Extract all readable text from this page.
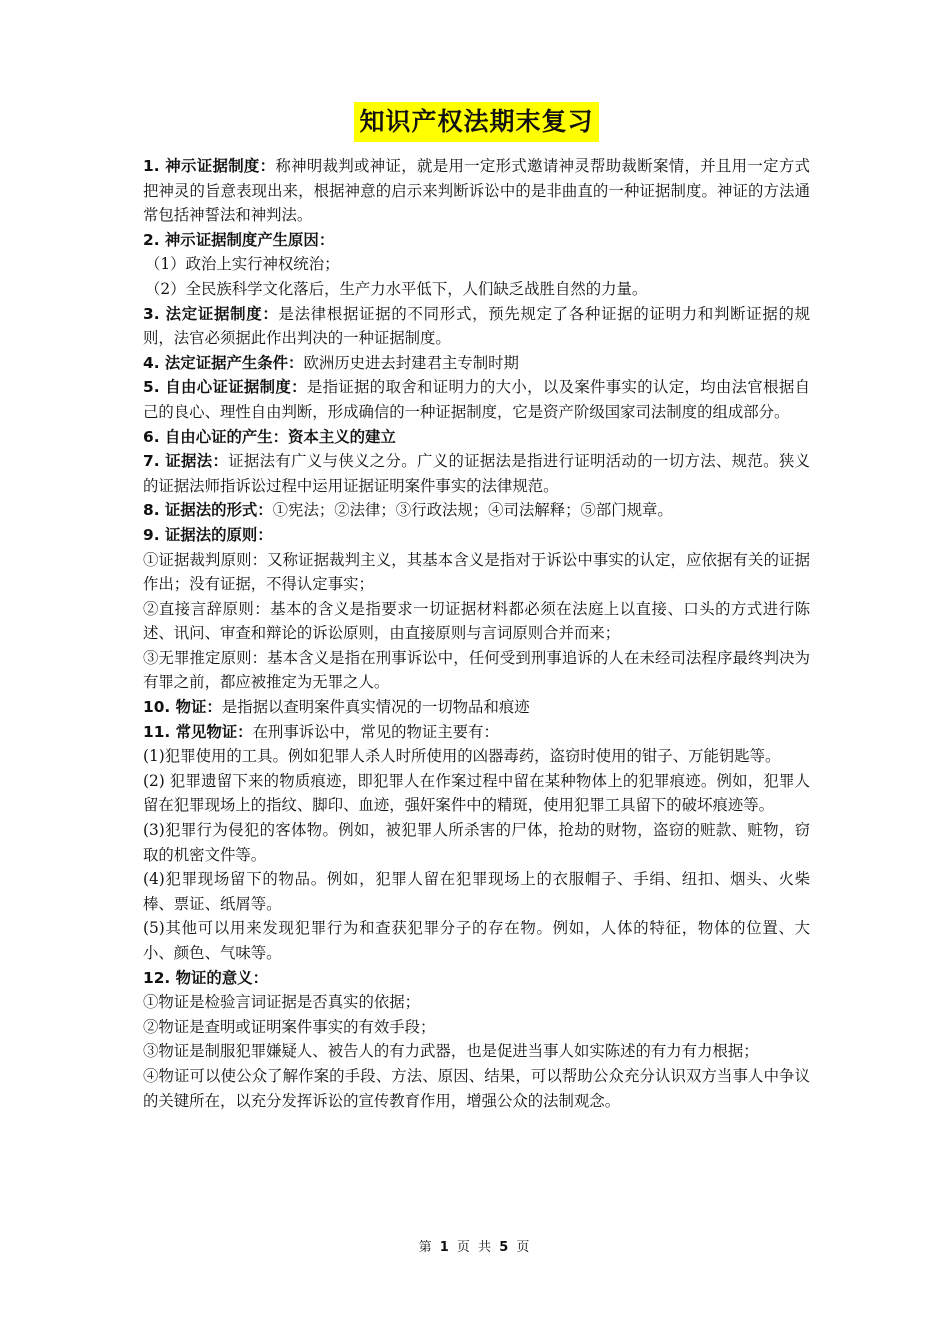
知识产权法期末复习

1. 神示证据制度：称神明裁判或神证，就是用一定形式邀请神灵帮助裁断案情，并且用一定方式把神灵的旨意表现出来，根据神意的启示来判断诉讼中的是非曲直的一种证据制度。神证的方法通常包括神誓法和神判法。

2. 神示证据制度产生原因：

（1）政治上实行神权统治；

（2）全民族科学文化落后，生产力水平低下，人们缺乏战胜自然的力量。

3. 法定证据制度：是法律根据证据的不同形式，预先规定了各种证据的证明力和判断证据的规则，法官必须据此作出判决的一种证据制度。

4. 法定证据产生条件：欧洲历史进去封建君主专制时期

5. 自由心证证据制度：是指证据的取舍和证明力的大小，以及案件事实的认定，均由法官根据自己的良心、理性自由判断，形成确信的一种证据制度，它是资产阶级国家司法制度的组成部分。

6. 自由心证的产生：资本主义的建立

7. 证据法：证据法有广义与侠义之分。广义的证据法是指进行证明活动的一切方法、规范。狭义的证据法师指诉讼过程中运用证据证明案件事实的法律规范。

8. 证据法的形式：①宪法；②法律；③行政法规；④司法解释；⑤部门规章。

9. 证据法的原则：

①证据裁判原则：又称证据裁判主义，其基本含义是指对于诉讼中事实的认定，应依据有关的证据作出；没有证据，不得认定事实；

②直接言辞原则：基本的含义是指要求一切证据材料都必须在法庭上以直接、口头的方式进行陈述、讯问、审查和辩论的诉讼原则，由直接原则与言词原则合并而来；

③无罪推定原则：基本含义是指在刑事诉讼中，任何受到刑事追诉的人在未经司法程序最终判决为有罪之前，都应被推定为无罪之人。

10. 物证：是指据以查明案件真实情况的一切物品和痕迹

11. 常见物证：在刑事诉讼中，常见的物证主要有：

(1)犯罪使用的工具。例如犯罪人杀人时所使用的凶器毒药，盗窃时使用的钳子、万能钥匙等。

(2) 犯罪遗留下来的物质痕迹，即犯罪人在作案过程中留在某种物体上的犯罪痕迹。例如，犯罪人留在犯罪现场上的指纹、脚印、血迹，强奸案件中的精斑，使用犯罪工具留下的破坏痕迹等。

(3)犯罪行为侵犯的客体物。例如，被犯罪人所杀害的尸体，抢劫的财物，盗窃的赃款、赃物，窃取的机密文件等。

(4)犯罪现场留下的物品。例如，犯罪人留在犯罪现场上的衣服帽子、手绢、纽扣、烟头、火柴棒、票证、纸屑等。

(5)其他可以用来发现犯罪行为和查获犯罪分子的存在物。例如，人体的特征，物体的位置、大小、颜色、气味等。

12. 物证的意义：

①物证是检验言词证据是否真实的依据；

②物证是查明或证明案件事实的有效手段；

③物证是制服犯罪嫌疑人、被告人的有力武器，也是促进当事人如实陈述的有力有力根据；

④物证可以使公众了解作案的手段、方法、原因、结果，可以帮助公众充分认识双方当事人中争议的关键所在，以充分发挥诉讼的宣传教育作用，增强公众的法制观念。

第 1 页 共 5 页
